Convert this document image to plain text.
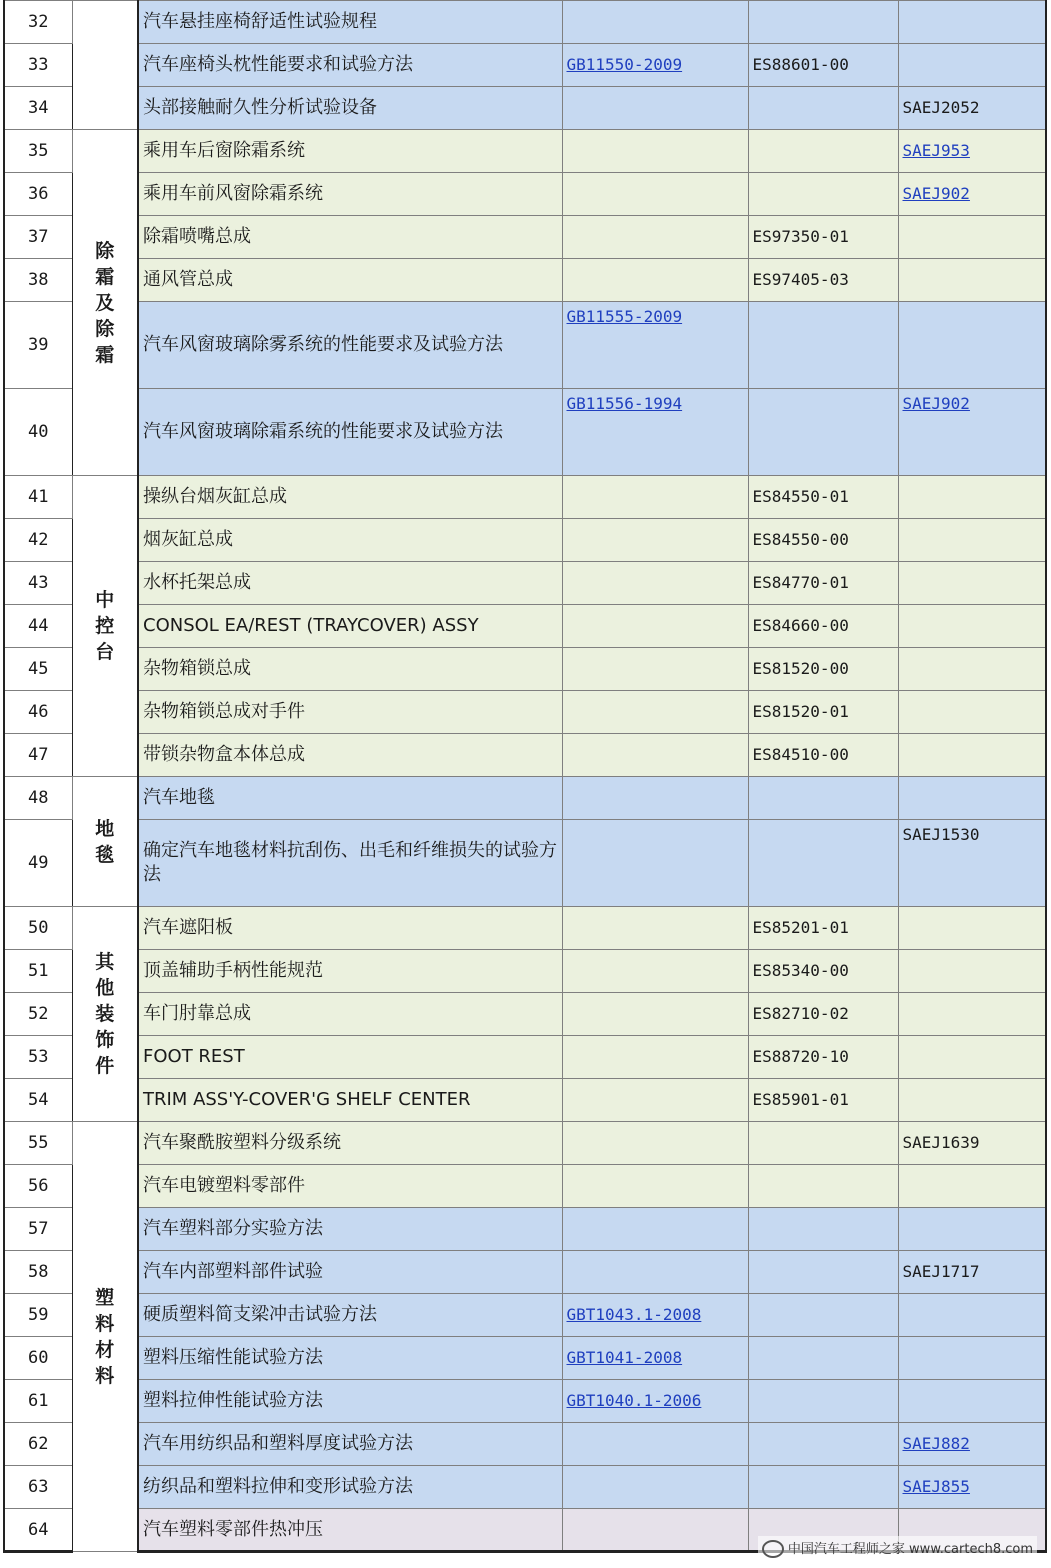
32		汽车悬挂座椅舒适性试验规程			
33		汽车座椅头枕性能要求和试验方法	GB11550-2009	ES88601-00	
34		头部接触耐久性分析试验设备			SAEJ2052
35	除霜及除霜	乘用车后窗除霜系统			SAEJ953
36		乘用车前风窗除霜系统			SAEJ902
37		除霜喷嘴总成		ES97350-01	
38		通风管总成		ES97405-03	
39		汽车风窗玻璃除雾系统的性能要求及试验方法	GB11555-2009		
40		汽车风窗玻璃除霜系统的性能要求及试验方法	GB11556-1994		SAEJ902
41	中控台	操纵台烟灰缸总成		ES84550-01	
42		烟灰缸总成		ES84550-00	
43		水杯托架总成		ES84770-01	
44		CONSOL EA/REST (TRAYCOVER) ASSY		ES84660-00	
45		杂物箱锁总成		ES81520-00	
46		杂物箱锁总成对手件		ES81520-01	
47		带锁杂物盒本体总成		ES84510-00	
48	地毯	汽车地毯			
49		确定汽车地毯材料抗刮伤、出毛和纤维损失的试验方法			SAEJ1530
50	其他装饰件	汽车遮阳板		ES85201-01	
51		顶盖辅助手柄性能规范		ES85340-00	
52		车门肘靠总成		ES82710-02	
53		FOOT REST		ES88720-10	
54		TRIM ASS'Y-COVER'G SHELF CENTER		ES85901-01	
55	塑料材料	汽车聚酰胺塑料分级系统			SAEJ1639
56		汽车电镀塑料零部件			
57		汽车塑料部分实验方法			
58		汽车内部塑料部件试验			SAEJ1717
59		硬质塑料简支梁冲击试验方法	GBT1043.1-2008		
60		塑料压缩性能试验方法	GBT1041-2008		
61		塑料拉伸性能试验方法	GBT1040.1-2006		
62		汽车用纺织品和塑料厚度试验方法			SAEJ882
63		纺织品和塑料拉伸和变形试验方法			SAEJ855
64		汽车塑料零部件热冲压			
中国汽车工程师之家 www.cartech8.com
